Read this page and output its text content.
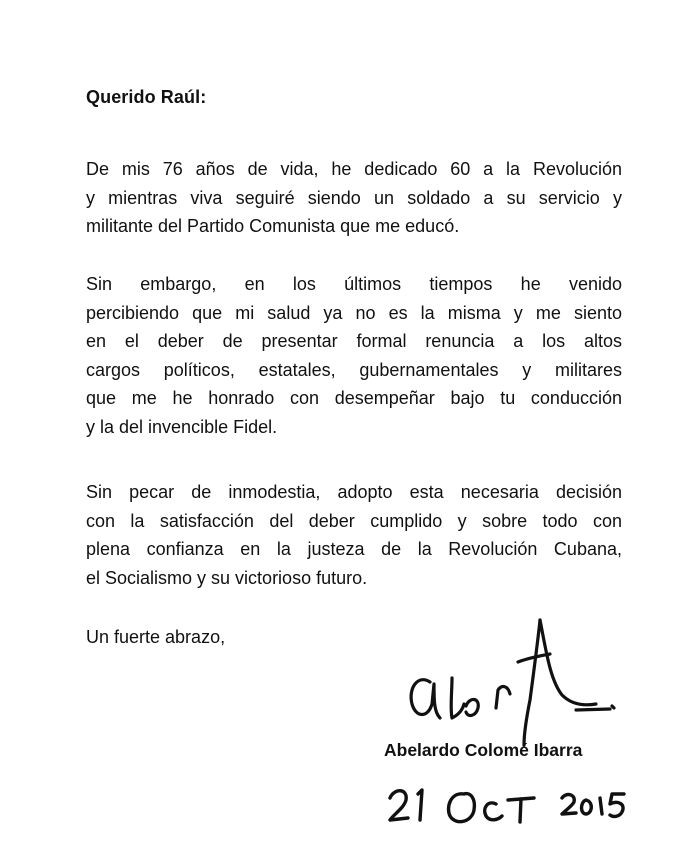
Querido Raúl:
De mis 76 años de vida, he dedicado 60 a la Revolución
y mientras viva seguiré siendo un soldado a su servicio y
militante del Partido Comunista que me educó.
Sin embargo, en los últimos tiempos he venido
percibiendo que mi salud ya no es la misma y me siento
en el deber de presentar formal renuncia a los altos
cargos políticos, estatales, gubernamentales y militares
que me he honrado con desempeñar bajo tu conducción
y la del invencible Fidel.
Sin pecar de inmodestia, adopto esta necesaria decisión
con la satisfacción del deber cumplido y sobre todo con
plena confianza en la justeza de la Revolución Cubana,
el Socialismo y su victorioso futuro.
Un fuerte abrazo,
Abelardo Colomé Ibarra
